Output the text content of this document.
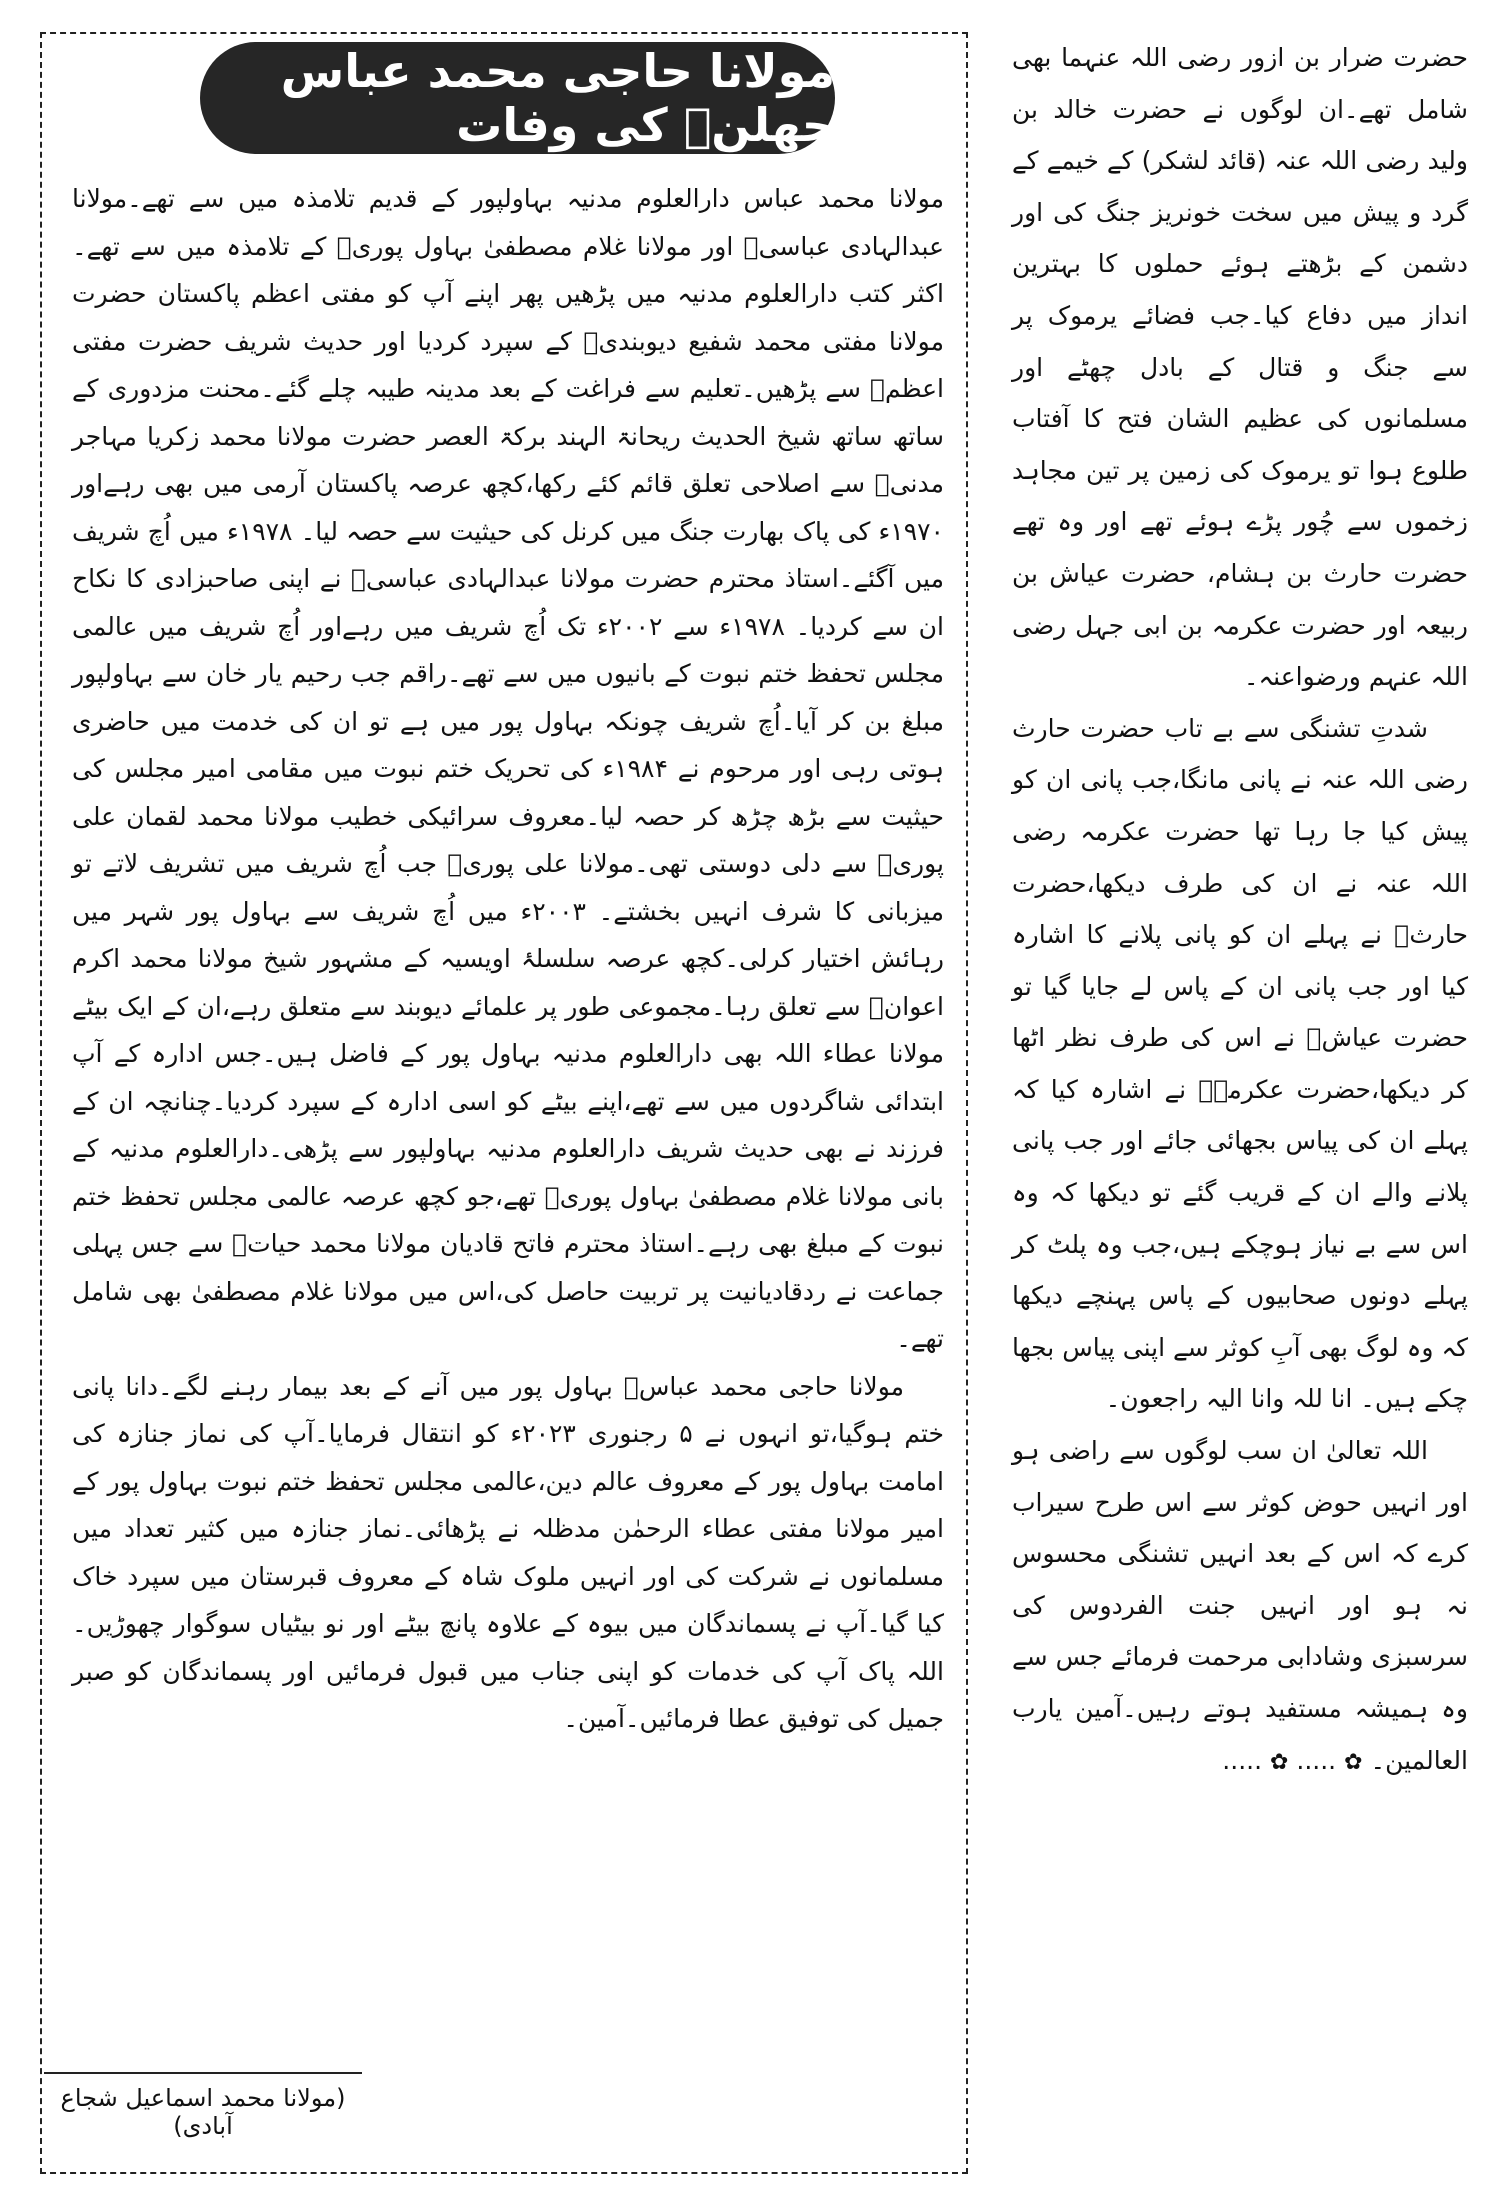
مولانا حاجی محمد عباس جھلنؒ کی وفات

مولانا محمد عباس دارالعلوم مدنیہ بہاولپور کے قدیم تلامذہ میں سے تھے۔مولانا عبدالہادی عباسیؒ اور مولانا غلام مصطفیٰ بہاول پوریؒ کے تلامذہ میں سے تھے۔اکثر کتب دارالعلوم مدنیہ میں پڑھیں پھر اپنے آپ کو مفتی اعظم پاکستان حضرت مولانا مفتی محمد شفیع دیوبندیؒ کے سپرد کردیا اور حدیث شریف حضرت مفتی اعظمؒ سے پڑھیں۔تعلیم سے فراغت کے بعد مدینہ طیبہ چلے گئے۔محنت مزدوری کے ساتھ ساتھ شیخ الحدیث ریحانۃ الہند برکۃ العصر حضرت مولانا محمد زکریا مہاجر مدنیؒ سے اصلاحی تعلق قائم کئے رکھا،کچھ عرصہ پاکستان آرمی میں بھی رہےاور ۱۹۷۰ء کی پاک بھارت جنگ میں کرنل کی حیثیت سے حصہ لیا۔ ۱۹۷۸ء میں اُچ شریف میں آگئے۔استاذ محترم حضرت مولانا عبدالہادی عباسیؒ نے اپنی صاحبزادی کا نکاح ان سے کردیا۔ ۱۹۷۸ء سے ۲۰۰۲ء تک اُچ شریف میں رہےاور اُچ شریف میں عالمی مجلس تحفظ ختم نبوت کے بانیوں میں سے تھے۔راقم جب رحیم یار خان سے بہاولپور مبلغ بن کر آیا۔اُچ شریف چونکہ بہاول پور میں ہے تو ان کی خدمت میں حاضری ہوتی رہی اور مرحوم نے ۱۹۸۴ء کی تحریک ختم نبوت میں مقامی امیر مجلس کی حیثیت سے بڑھ چڑھ کر حصہ لیا۔معروف سرائیکی خطیب مولانا محمد لقمان علی پوریؒ سے دلی دوستی تھی۔مولانا علی پوریؒ جب اُچ شریف میں تشریف لاتے تو میزبانی کا شرف انہیں بخشتے۔ ۲۰۰۳ء میں اُچ شریف سے بہاول پور شہر میں رہائش اختیار کرلی۔کچھ عرصہ سلسلۂ اویسیہ کے مشہور شیخ مولانا محمد اکرم اعوانؒ سے تعلق رہا۔مجموعی طور پر علمائے دیوبند سے متعلق رہے،ان کے ایک بیٹے مولانا عطاء اللہ بھی دارالعلوم مدنیہ بہاول پور کے فاضل ہیں۔جس ادارہ کے آپ ابتدائی شاگردوں میں سے تھے،اپنے بیٹے کو اسی ادارہ کے سپرد کردیا۔چنانچہ ان کے فرزند نے بھی حدیث شریف دارالعلوم مدنیہ بہاولپور سے پڑھی۔دارالعلوم مدنیہ کے بانی مولانا غلام مصطفیٰ بہاول پوریؒ تھے،جو کچھ عرصہ عالمی مجلس تحفظ ختم نبوت کے مبلغ بھی رہے۔استاذ محترم فاتح قادیان مولانا محمد حیاتؒ سے جس پہلی جماعت نے ردقادیانیت پر تربیت حاصل کی،اس میں مولانا غلام مصطفیٰ بھی شامل تھے۔

مولانا حاجی محمد عباسؒ بہاول پور میں آنے کے بعد بیمار رہنے لگے۔دانا پانی ختم ہوگیا،تو انہوں نے ۵ رجنوری ۲۰۲۳ء کو انتقال فرمایا۔آپ کی نماز جنازہ کی امامت بہاول پور کے معروف عالم دین،عالمی مجلس تحفظ ختم نبوت بہاول پور کے امیر مولانا مفتی عطاء الرحمٰن مدظلہ نے پڑھائی۔نماز جنازہ میں کثیر تعداد میں مسلمانوں نے شرکت کی اور انہیں ملوک شاہ کے معروف قبرستان میں سپرد خاک کیا گیا۔آپ نے پسماندگان میں بیوہ کے علاوہ پانچ بیٹے اور نو بیٹیاں سوگوار چھوڑیں۔اللہ پاک آپ کی خدمات کو اپنی جناب میں قبول فرمائیں اور پسماندگان کو صبر جمیل کی توفیق عطا فرمائیں۔آمین۔

(مولانا محمد اسماعیل شجاع آبادی)

حضرت ضرار بن ازور رضی اللہ عنہما بھی شامل تھے۔ان لوگوں نے حضرت خالد بن ولید رضی اللہ عنہ (قائد لشکر) کے خیمے کے گرد و پیش میں سخت خونریز جنگ کی اور دشمن کے بڑھتے ہوئے حملوں کا بہترین انداز میں دفاع کیا۔جب فضائے یرموک پر سے جنگ و قتال کے بادل چھٹے اور مسلمانوں کی عظیم الشان فتح کا آفتاب طلوع ہوا تو یرموک کی زمین پر تین مجاہد زخموں سے چُور پڑے ہوئے تھے اور وہ تھے حضرت حارث بن ہشام، حضرت عیاش بن ربیعہ اور حضرت عکرمہ بن ابی جہل رضی اللہ عنہم ورضواعنہ۔

شدتِ تشنگی سے بے تاب حضرت حارث رضی اللہ عنہ نے پانی مانگا،جب پانی ان کو پیش کیا جا رہا تھا حضرت عکرمہ رضی اللہ عنہ نے ان کی طرف دیکھا،حضرت حارثؓ نے پہلے ان کو پانی پلانے کا اشارہ کیا اور جب پانی ان کے پاس لے جایا گیا تو حضرت عیاشؓ نے اس کی طرف نظر اٹھا کر دیکھا،حضرت عکرمہؓ نے اشارہ کیا کہ پہلے ان کی پیاس بجھائی جائے اور جب پانی پلانے والے ان کے قریب گئے تو دیکھا کہ وہ اس سے بے نیاز ہوچکے ہیں،جب وہ پلٹ کر پہلے دونوں صحابیوں کے پاس پہنچے دیکھا کہ وہ لوگ بھی آبِ کوثر سے اپنی پیاس بجھا چکے ہیں۔ انا للہ وانا الیہ راجعون۔

اللہ تعالیٰ ان سب لوگوں سے راضی ہو اور انہیں حوض کوثر سے اس طرح سیراب کرے کہ اس کے بعد انہیں تشنگی محسوس نہ ہو اور انہیں جنت الفردوس کی سرسبزی وشادابی مرحمت فرمائے جس سے وہ ہمیشہ مستفید ہوتے رہیں۔آمین یارب العالمین۔ ✿ ..... ✿ .....
